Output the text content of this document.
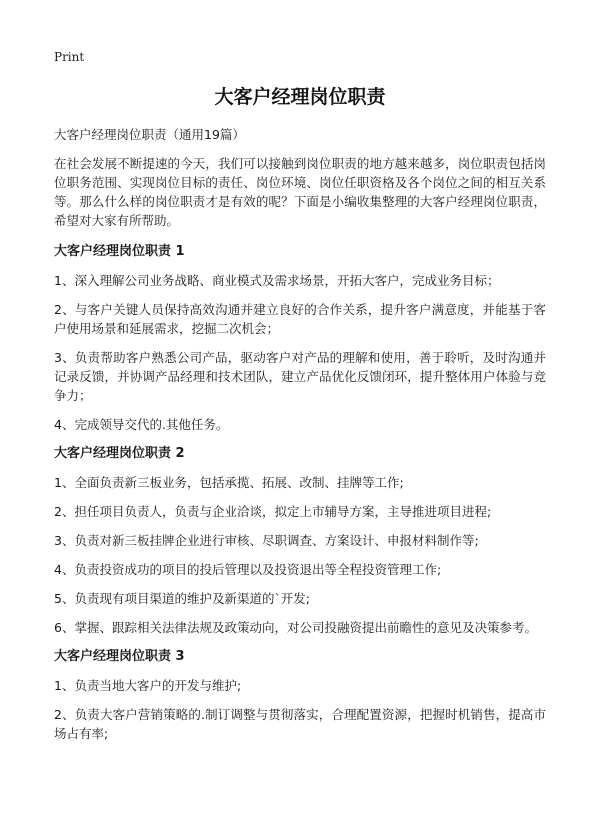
Print
大客户经理岗位职责

大客户经理岗位职责（通用19篇）

在社会发展不断提速的今天，我们可以接触到岗位职责的地方越来越多，岗位职责包括岗位职务范围、实现岗位目标的责任、岗位环境、岗位任职资格及各个岗位之间的相互关系等。那么什么样的岗位职责才是有效的呢？下面是小编收集整理的大客户经理岗位职责，希望对大家有所帮助。

大客户经理岗位职责 1

1、深入理解公司业务战略、商业模式及需求场景，开拓大客户，完成业务目标；

2、与客户关键人员保持高效沟通并建立良好的合作关系，提升客户满意度，并能基于客户使用场景和延展需求，挖掘二次机会；

3、负责帮助客户熟悉公司产品，驱动客户对产品的理解和使用，善于聆听，及时沟通并记录反馈，并协调产品经理和技术团队，建立产品优化反馈闭环，提升整体用户体验与竞争力；

4、完成领导交代的.其他任务。

大客户经理岗位职责 2

1、全面负责新三板业务，包括承揽、拓展、改制、挂牌等工作;

2、担任项目负责人，负责与企业洽谈，拟定上市辅导方案，主导推进项目进程;

3、负责对新三板挂牌企业进行审核、尽职调查、方案设计、申报材料制作等;

4、负责投资成功的项目的投后管理以及投资退出等全程投资管理工作;

5、负责现有项目渠道的维护及新渠道的`开发;

6、掌握、跟踪相关法律法规及政策动向，对公司投融资提出前瞻性的意见及决策参考。

大客户经理岗位职责 3

1、负责当地大客户的开发与维护;

2、负责大客户营销策略的.制订调整与贯彻落实，合理配置资源，把握时机销售，提高市场占有率;
